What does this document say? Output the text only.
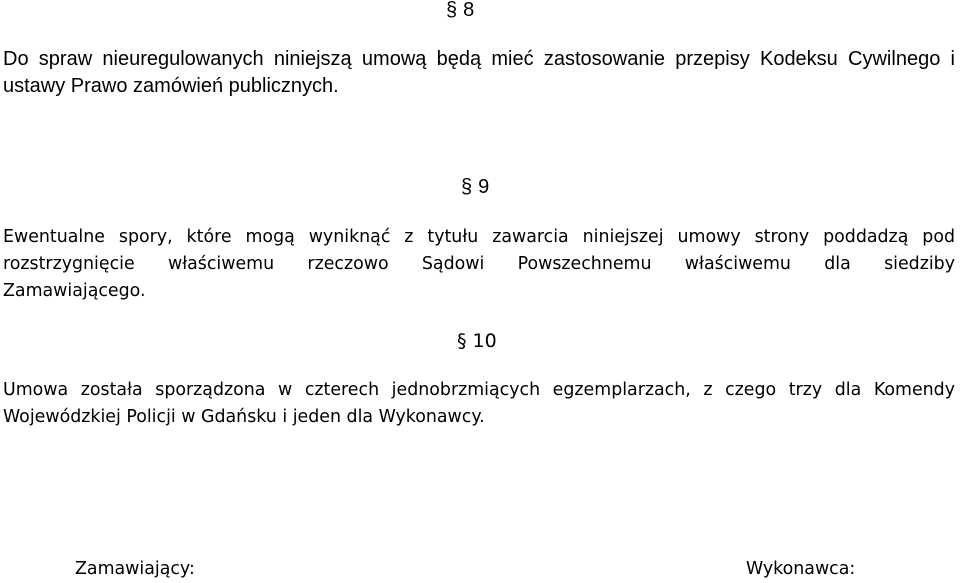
§ 8
Do spraw nieuregulowanych niniejszą umową będą mieć zastosowanie przepisy Kodeksu Cywilnego i
ustawy Prawo zamówień publicznych.
§ 9
Ewentualne spory, które mogą wyniknąć z tytułu zawarcia niniejszej umowy strony poddadzą pod
rozstrzygnięcie właściwemu rzeczowo Sądowi Powszechnemu właściwemu dla siedziby
Zamawiającego.
§ 10
Umowa została sporządzona w czterech jednobrzmiących egzemplarzach, z czego trzy dla Komendy
Wojewódzkiej Policji w Gdańsku i jeden dla Wykonawcy.
Zamawiający:	Wykonawca:
